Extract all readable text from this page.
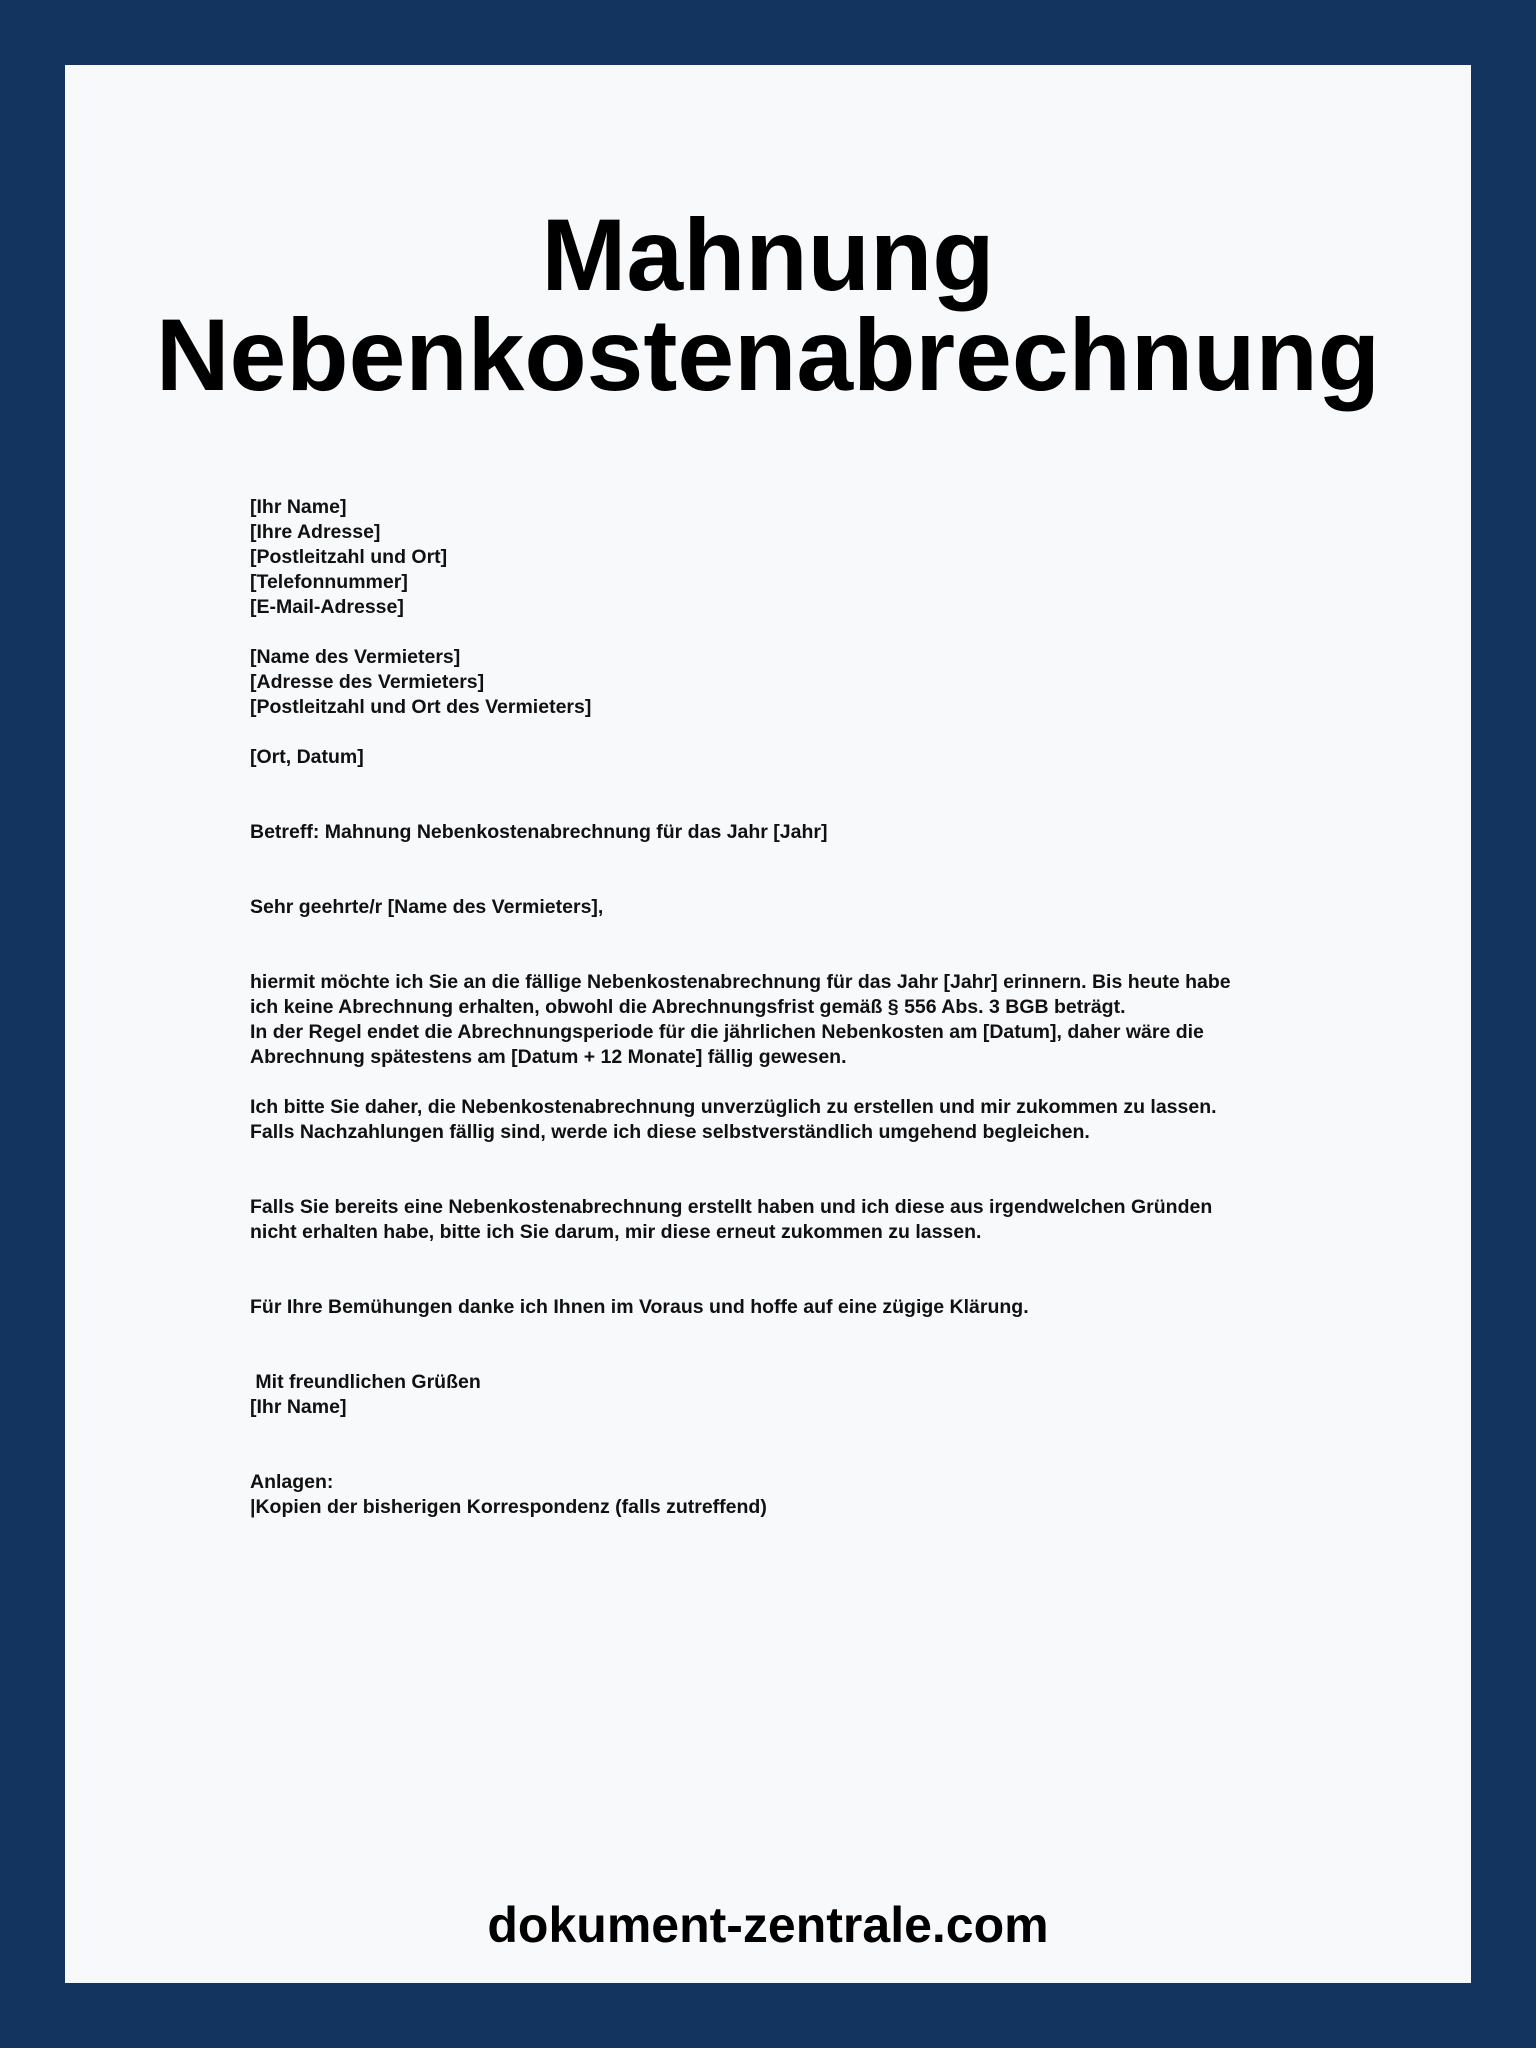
Mahnung
Nebenkostenabrechnung
[Ihr Name]
[Ihre Adresse]
[Postleitzahl und Ort]
[Telefonnummer]
[E-Mail-Adresse]
[Name des Vermieters]
[Adresse des Vermieters]
[Postleitzahl und Ort des Vermieters]
[Ort, Datum]
Betreff: Mahnung Nebenkostenabrechnung für das Jahr [Jahr]
Sehr geehrte/r [Name des Vermieters],
hiermit möchte ich Sie an die fällige Nebenkostenabrechnung für das Jahr [Jahr] erinnern. Bis heute habe
ich keine Abrechnung erhalten, obwohl die Abrechnungsfrist gemäß § 556 Abs. 3 BGB beträgt.
In der Regel endet die Abrechnungsperiode für die jährlichen Nebenkosten am [Datum], daher wäre die
Abrechnung spätestens am [Datum + 12 Monate] fällig gewesen.
Ich bitte Sie daher, die Nebenkostenabrechnung unverzüglich zu erstellen und mir zukommen zu lassen.
Falls Nachzahlungen fällig sind, werde ich diese selbstverständlich umgehend begleichen.
Falls Sie bereits eine Nebenkostenabrechnung erstellt haben und ich diese aus irgendwelchen Gründen
nicht erhalten habe, bitte ich Sie darum, mir diese erneut zukommen zu lassen.
Für Ihre Bemühungen danke ich Ihnen im Voraus und hoffe auf eine zügige Klärung.
Mit freundlichen Grüßen
[Ihr Name]
Anlagen:
|Kopien der bisherigen Korrespondenz (falls zutreffend)
dokument-zentrale.com
